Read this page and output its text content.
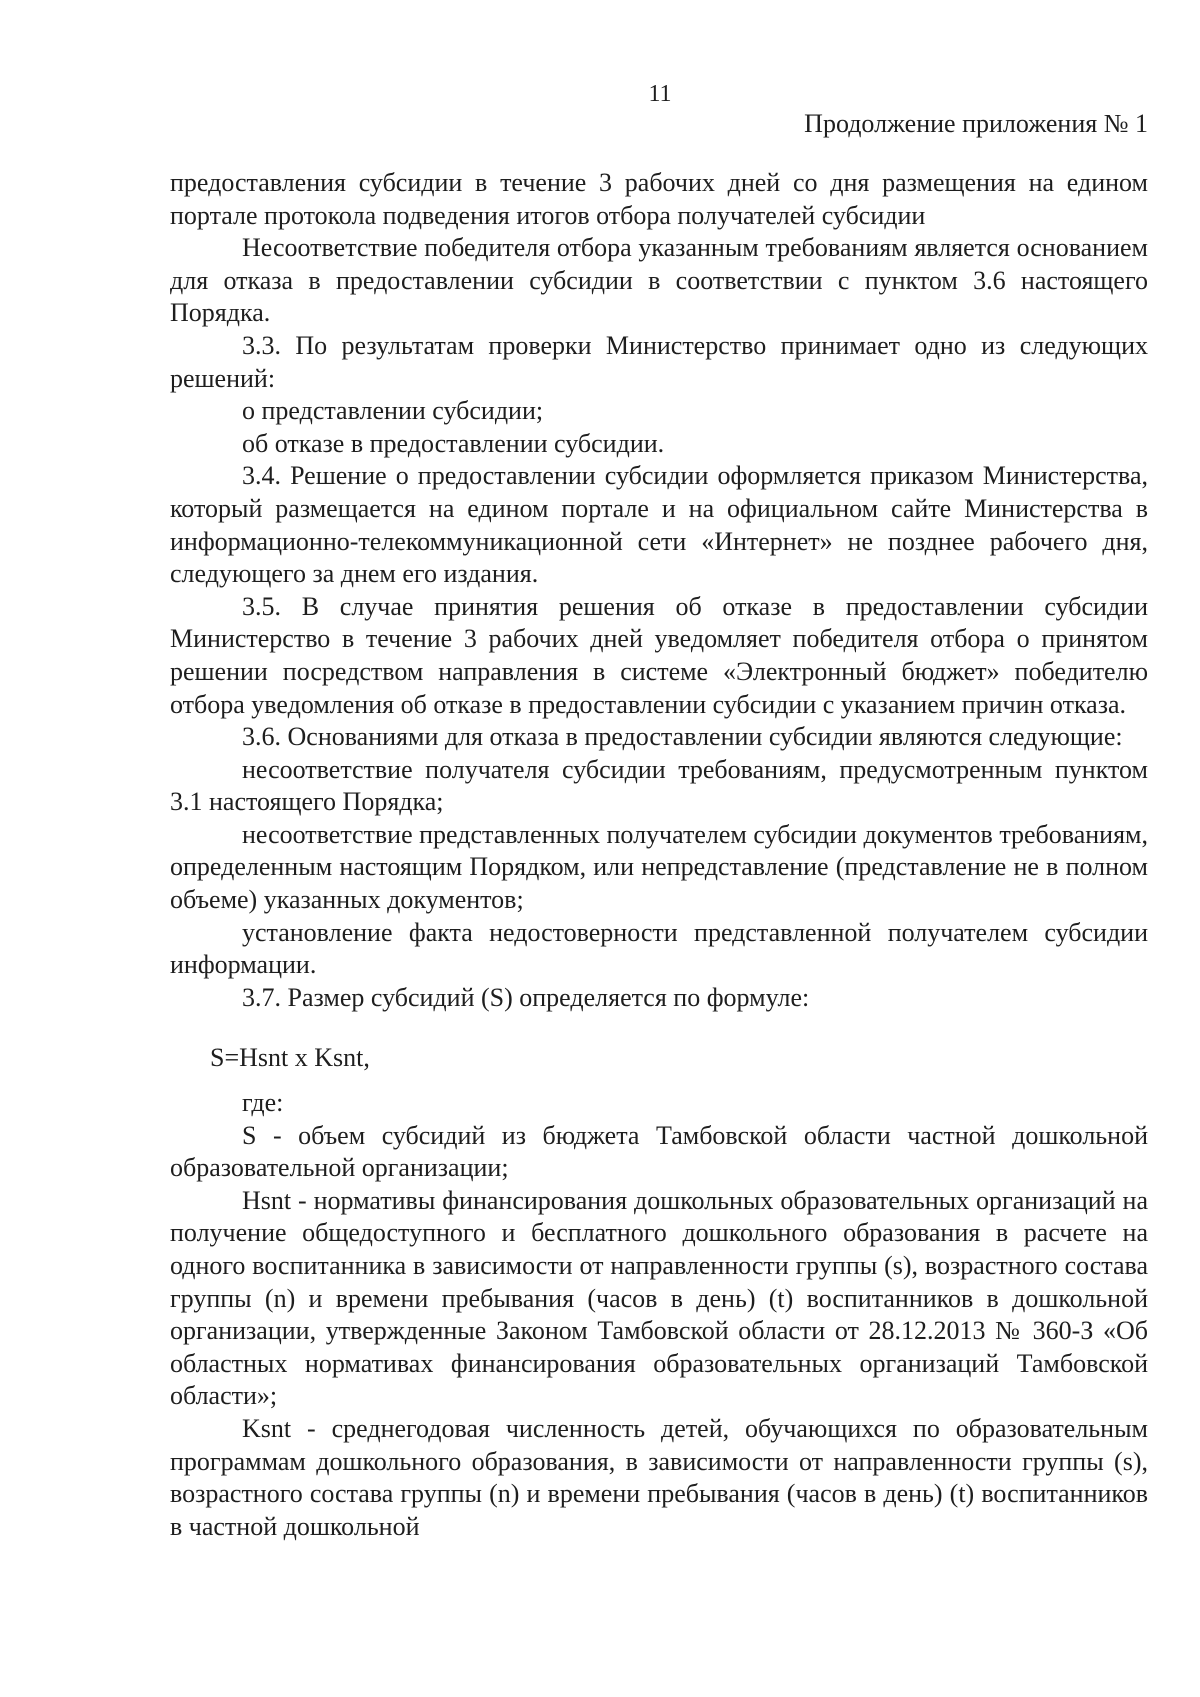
11
Продолжение приложения № 1

предоставления субсидии в течение 3 рабочих дней со дня размещения на едином портале протокола подведения итогов отбора получателей субсидии

Несоответствие победителя отбора указанным требованиям является основанием для отказа в предоставлении субсидии в соответствии с пунктом 3.6 настоящего Порядка.

3.3. По результатам проверки Министерство принимает одно из следующих решений:

о представлении субсидии;

об отказе в предоставлении субсидии.

3.4. Решение о предоставлении субсидии оформляется приказом Министерства, который размещается на едином портале и на официальном сайте Министерства в информационно-телекоммуникационной сети «Интернет» не позднее рабочего дня, следующего за днем его издания.

3.5. В случае принятия решения об отказе в предоставлении субсидии Министерство в течение 3 рабочих дней уведомляет победителя отбора о принятом решении посредством направления в системе «Электронный бюджет» победителю отбора уведомления об отказе в предоставлении субсидии с указанием причин отказа.

3.6. Основаниями для отказа в предоставлении субсидии являются следующие:

несоответствие получателя субсидии требованиям, предусмотренным пунктом 3.1 настоящего Порядка;

несоответствие представленных получателем субсидии документов требованиям, определенным настоящим Порядком, или непредставление (представление не в полном объеме) указанных документов;

установление факта недостоверности представленной получателем субсидии информации.

3.7. Размер субсидий (S) определяется по формуле:

S=Hsnt x Ksnt,

где:

S - объем субсидий из бюджета Тамбовской области частной дошкольной образовательной организации;

Hsnt - нормативы финансирования дошкольных образовательных организаций на получение общедоступного и бесплатного дошкольного образования в расчете на одного воспитанника в зависимости от направленности группы (s), возрастного состава группы (n) и времени пребывания (часов в день) (t) воспитанников в дошкольной организации, утвержденные Законом Тамбовской области от 28.12.2013 № 360-З «Об областных нормативах финансирования образовательных организаций Тамбовской области»;

Ksnt - среднегодовая численность детей, обучающихся по образовательным программам дошкольного образования, в зависимости от направленности группы (s), возрастного состава группы (n) и времени пребывания (часов в день) (t) воспитанников в частной дошкольной
